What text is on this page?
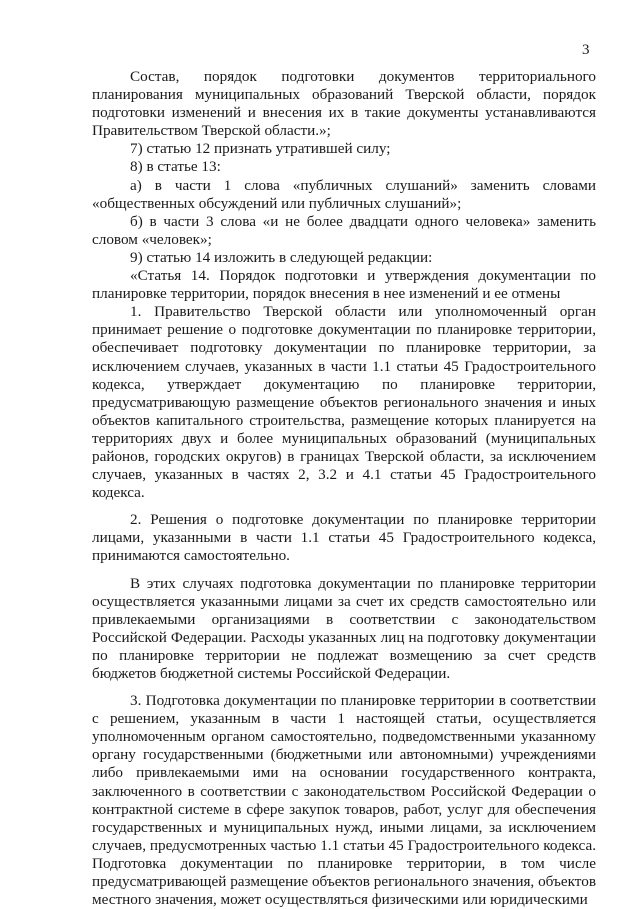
3

Состав, порядок подготовки документов территориального планирования муниципальных образований Тверской области, порядок подготовки изменений и внесения их в такие документы устанавливаются Правительством Тверской области.»;

7) статью 12 признать утратившей силу;

8) в статье 13:

а) в части 1 слова «публичных слушаний» заменить словами «общественных обсуждений или публичных слушаний»;

б) в части 3 слова «и не более двадцати одного человека» заменить словом «человек»;

9) статью 14 изложить в следующей редакции:

«Статья 14. Порядок подготовки и утверждения документации по планировке территории, порядок внесения в нее изменений и ее отмены

1. Правительство Тверской области или уполномоченный орган принимает решение о подготовке документации по планировке территории, обеспечивает подготовку документации по планировке территории, за исключением случаев, указанных в части 1.1 статьи 45 Градостроительного кодекса, утверждает документацию по планировке территории, предусматривающую размещение объектов регионального значения и иных объектов капитального строительства, размещение которых планируется на территориях двух и более муниципальных образований (муниципальных районов, городских округов) в границах Тверской области, за исключением случаев, указанных в частях 2, 3.2 и 4.1 статьи 45 Градостроительного кодекса.

2. Решения о подготовке документации по планировке территории лицами, указанными в части 1.1 статьи 45 Градостроительного кодекса, принимаются самостоятельно.

В этих случаях подготовка документации по планировке территории осуществляется указанными лицами за счет их средств самостоятельно или привлекаемыми организациями в соответствии с законодательством Российской Федерации. Расходы указанных лиц на подготовку документации по планировке территории не подлежат возмещению за счет средств бюджетов бюджетной системы Российской Федерации.

3. Подготовка документации по планировке территории в соответствии с решением, указанным в части 1 настоящей статьи, осуществляется уполномоченным органом самостоятельно, подведомственными указанному органу государственными (бюджетными или автономными) учреждениями либо привлекаемыми ими на основании государственного контракта, заключенного в соответствии с законодательством Российской Федерации о контрактной системе в сфере закупок товаров, работ, услуг для обеспечения государственных и муниципальных нужд, иными лицами, за исключением случаев, предусмотренных частью 1.1 статьи 45 Градостроительного кодекса. Подготовка документации по планировке территории, в том числе предусматривающей размещение объектов регионального значения, объектов местного значения, может осуществляться физическими или юридическими
